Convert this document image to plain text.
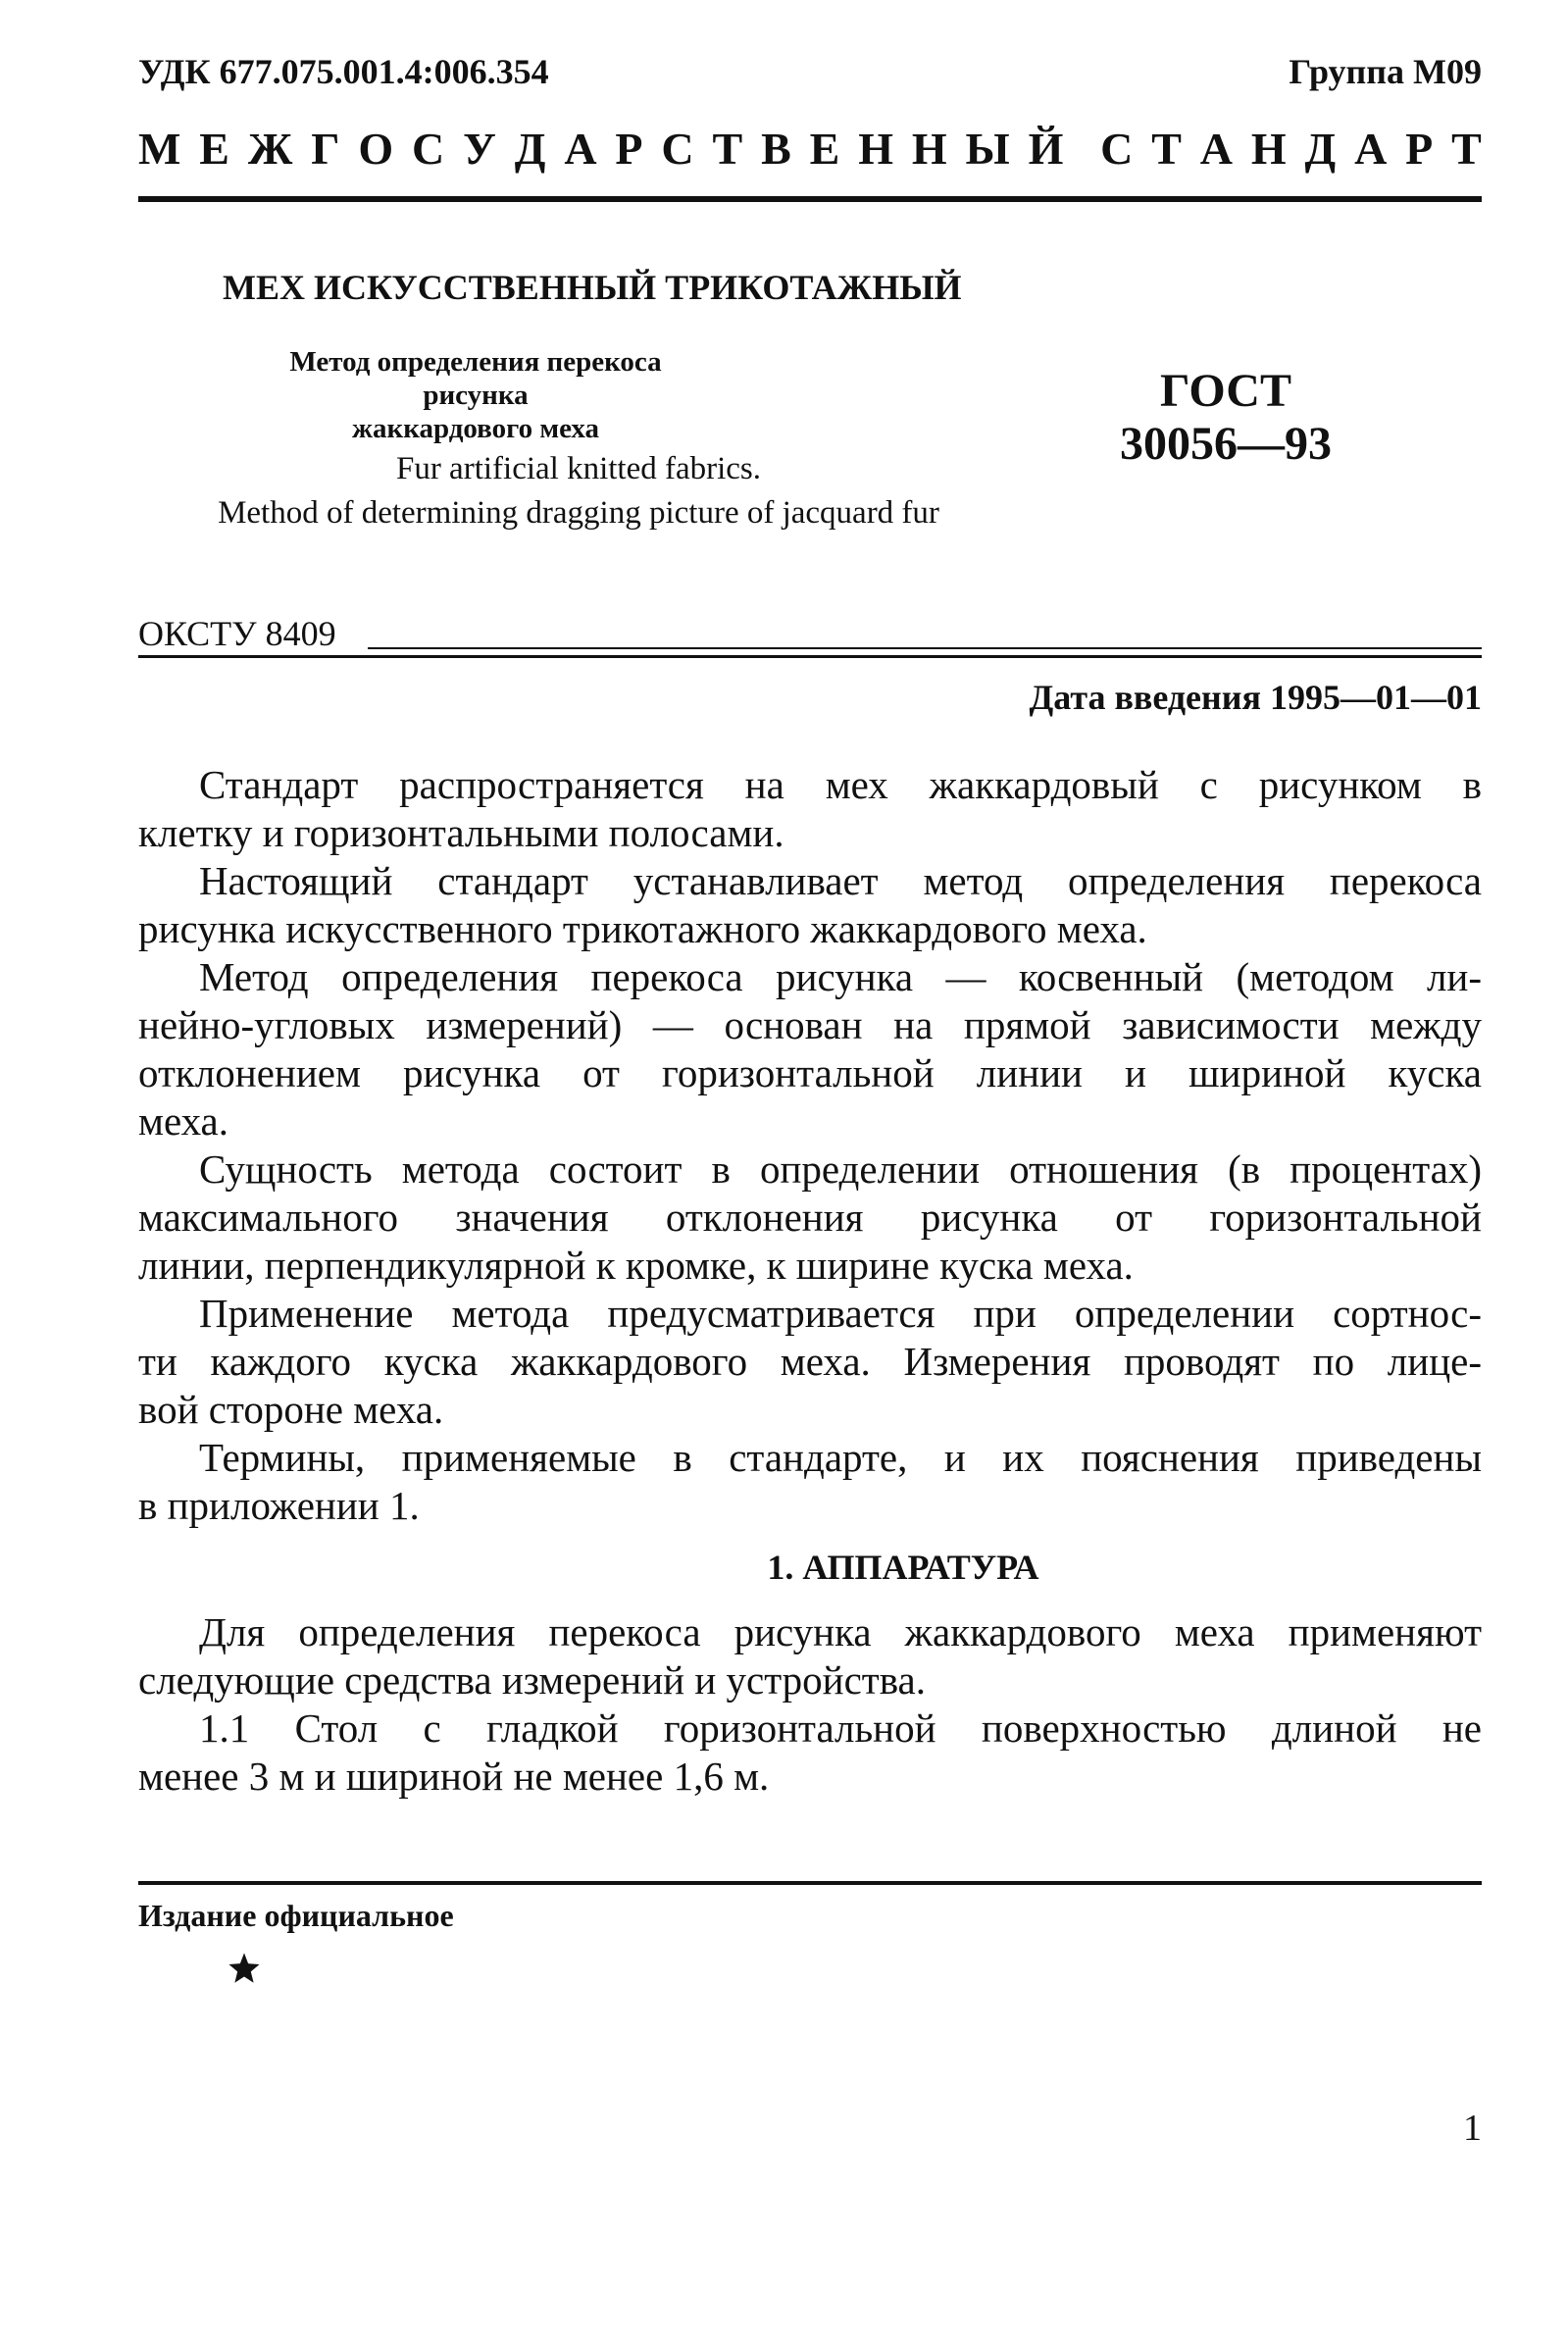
УДК 677.075.001.4:006.354	Группа М09
М Е Ж Г О С У Д А Р С Т В Е Н Н Ы Й С Т А Н Д А Р Т
МЕХ ИСКУССТВЕННЫЙ ТРИКОТАЖНЫЙ
Метод определения перекоса рисунка
жаккардового меха
Fur artificial knitted fabrics.
Method of determining dragging picture of jacquard fur
ГОСТ
30056—93
ОКСТУ 8409
Дата введения 1995—01—01

Стандарт распространяется на мех жаккардовый с рисунком в
клетку и горизонтальными полосами.

Настоящий стандарт устанавливает метод определения перекоса
рисунка искусственного трикотажного жаккардового меха.

Метод определения перекоса рисунка — косвенный (методом ли-
нейно-угловых измерений) — основан на прямой зависимости между
отклонением рисунка от горизонтальной линии и шириной куска
меха.

Сущность метода состоит в определении отношения (в процентах)
максимального значения отклонения рисунка от горизонтальной
линии, перпендикулярной к кромке, к ширине куска меха.

Применение метода предусматривается при определении сортнос-
ти каждого куска жаккардового меха. Измерения проводят по лице-
вой стороне меха.

Термины, применяемые в стандарте, и их пояснения приведены
в приложении 1.

1. АППАРАТУРА

Для определения перекоса рисунка жаккардового меха применяют
следующие средства измерений и устройства.

1.1 Стол с гладкой горизонтальной поверхностью длиной не
менее 3 м и шириной не менее 1,6 м.

Издание официальное
1
